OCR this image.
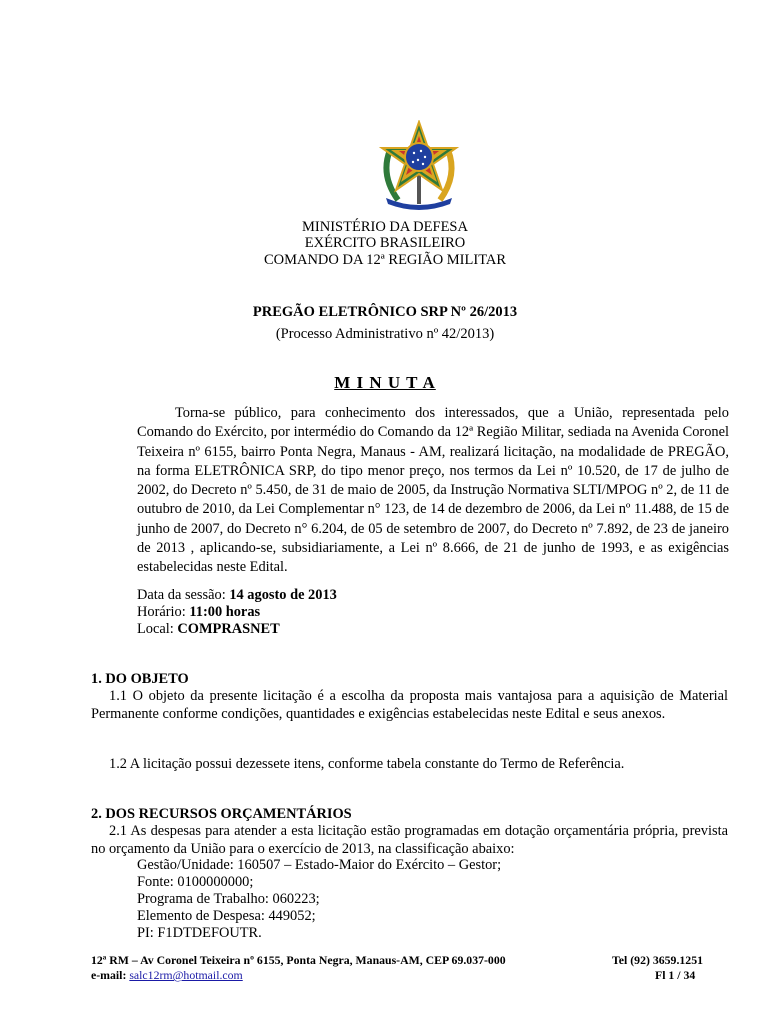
MINISTÉRIO DA DEFESA
EXÉRCITO BRASILEIRO
COMANDO DA 12ª REGIÃO MILITAR
PREGÃO ELETRÔNICO SRP Nº 26/2013
(Processo Administrativo nº 42/2013)
M I N U T A
Torna-se público, para conhecimento dos interessados, que a União, representada pelo Comando do Exército, por intermédio do Comando da 12ª Região Militar, sediada na Avenida Coronel Teixeira nº 6155, bairro Ponta Negra, Manaus - AM, realizará licitação, na modalidade de PREGÃO, na forma ELETRÔNICA SRP, do tipo menor preço, nos termos da Lei nº 10.520, de 17 de julho de 2002, do Decreto nº 5.450, de 31 de maio de 2005, da Instrução Normativa SLTI/MPOG nº 2, de 11 de outubro de 2010, da Lei Complementar n° 123, de 14 de dezembro de 2006, da Lei nº 11.488, de 15 de junho de 2007, do Decreto n° 6.204, de 05 de setembro de 2007, do Decreto nº 7.892, de 23 de janeiro de 2013 , aplicando-se, subsidiariamente, a Lei nº 8.666, de 21 de junho de 1993, e as exigências estabelecidas neste Edital.
Data da sessão: 14 agosto de 2013
Horário: 11:00 horas
Local: COMPRASNET
1. DO OBJETO
1.1 O objeto da presente licitação é a escolha da proposta mais vantajosa para a aquisição de Material Permanente conforme condições, quantidades e exigências estabelecidas neste Edital e seus anexos.
1.2 A licitação possui dezessete itens, conforme tabela constante do Termo de Referência.
2. DOS RECURSOS ORÇAMENTÁRIOS
2.1 As despesas para atender a esta licitação estão programadas em dotação orçamentária própria, prevista no orçamento da União para o exercício de 2013, na classificação abaixo:
Gestão/Unidade: 160507 – Estado-Maior do Exército – Gestor;
Fonte: 0100000000;
Programa de Trabalho: 060223;
Elemento de Despesa: 449052;
PI: F1DTDEFOUTR.
12ª RM – Av Coronel Teixeira nº 6155, Ponta Negra, Manaus-AM, CEP 69.037-000	Tel (92) 3659.1251
e-mail: salc12rm@hotmail.com	Fl 1 / 34
